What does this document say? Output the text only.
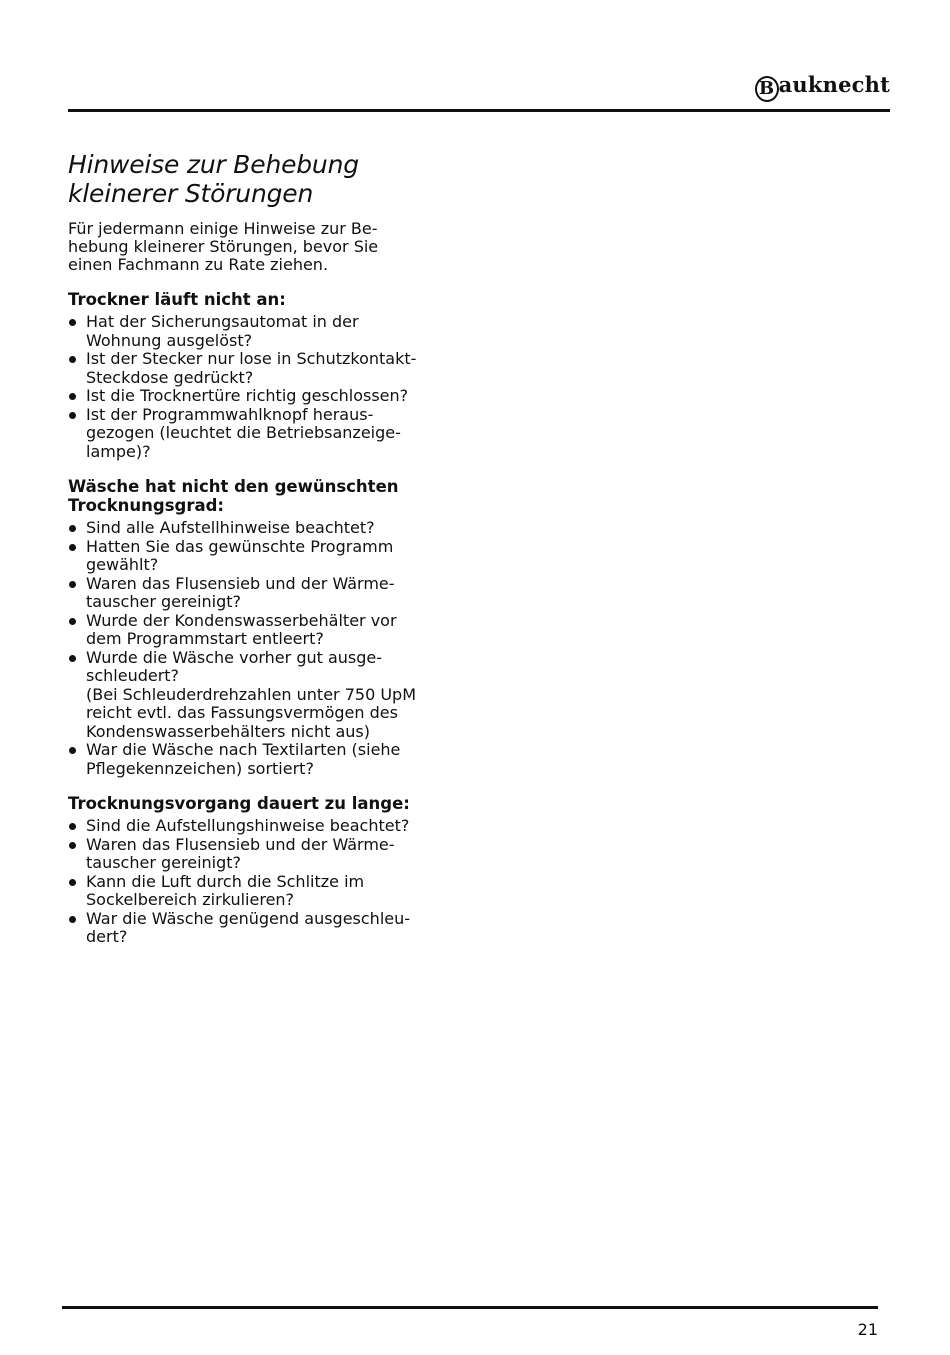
B auknecht
Hinweise zur Behebung
kleinerer Störungen

Für jedermann einige Hinweise zur Be-
hebung kleinerer Störungen, bevor Sie
einen Fachmann zu Rate ziehen.

Trockner läuft nicht an:
Hat der Sicherungsautomat in der
Wohnung ausgelöst?
Ist der Stecker nur lose in Schutzkontakt-
Steckdose gedrückt?
Ist die Trocknertüre richtig geschlossen?
Ist der Programmwahlknopf heraus-
gezogen (leuchtet die Betriebsanzeige-
lampe)?
Wäsche hat nicht den gewünschten
Trocknungsgrad:
Sind alle Aufstellhinweise beachtet?
Hatten Sie das gewünschte Programm
gewählt?
Waren das Flusensieb und der Wärme-
tauscher gereinigt?
Wurde der Kondenswasserbehälter vor
dem Programmstart entleert?
Wurde die Wäsche vorher gut ausge-
schleudert?
(Bei Schleuderdrehzahlen unter 750 UpM
reicht evtl. das Fassungsvermögen des
Kondenswasserbehälters nicht aus)
War die Wäsche nach Textilarten (siehe
Pflegekennzeichen) sortiert?
Trocknungsvorgang dauert zu lange:
Sind die Aufstellungshinweise beachtet?
Waren das Flusensieb und der Wärme-
tauscher gereinigt?
Kann die Luft durch die Schlitze im
Sockelbereich zirkulieren?
War die Wäsche genügend ausgeschleu-
dert?
21
